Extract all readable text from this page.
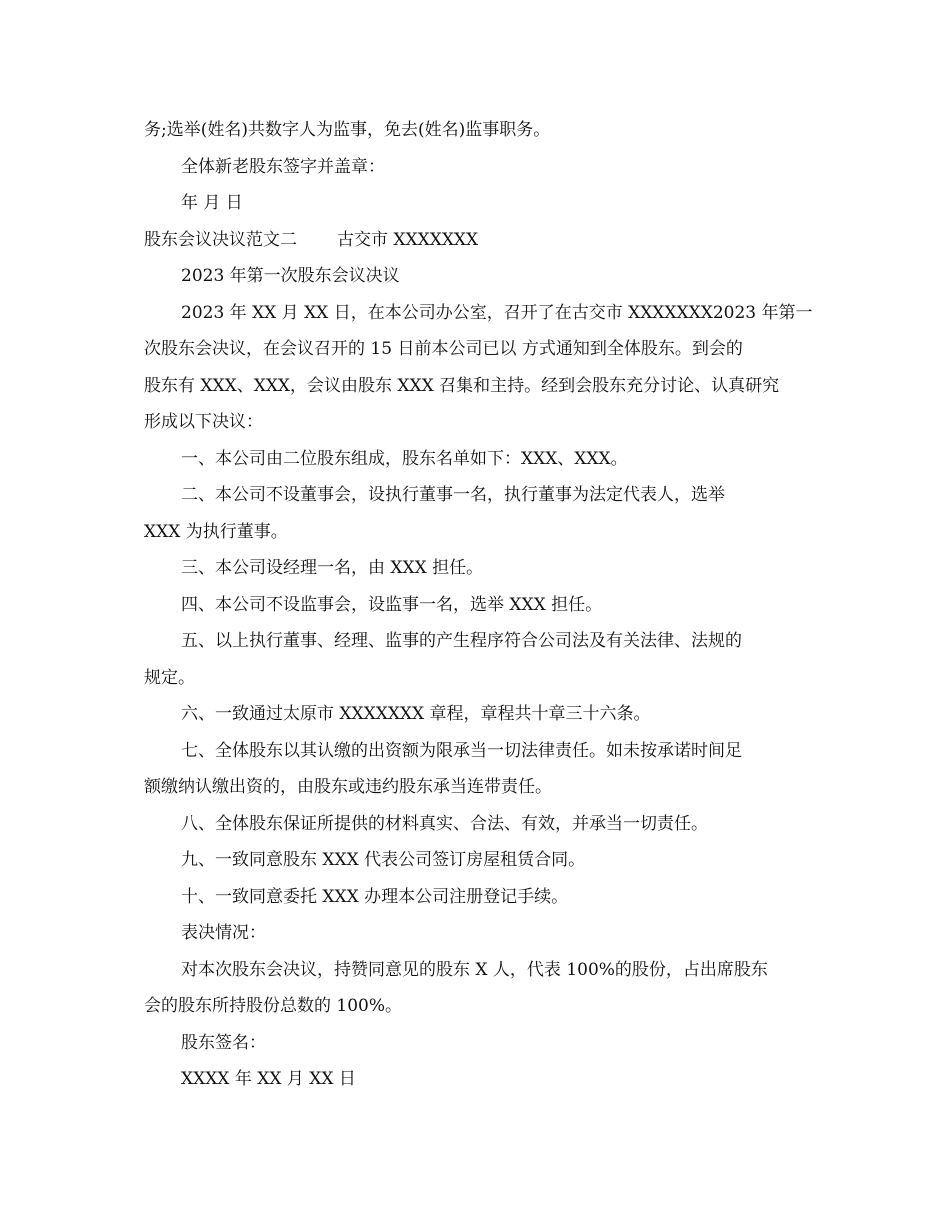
务;选举(姓名)共数字人为监事，免去(姓名)监事职务。
全体新老股东签字并盖章：
年 月 日
股东会议决议范文二 古交市 XXXXXXX
2023 年第一次股东会议决议
2023 年 XX 月 XX 日，在本公司办公室，召开了在古交市 XXXXXXX2023 年第一
次股东会决议，在会议召开的 15 日前本公司已以 方式通知到全体股东。到会的
股东有 XXX、XXX，会议由股东 XXX 召集和主持。经到会股东充分讨论、认真研究
形成以下决议：
一、本公司由二位股东组成，股东名单如下：XXX、XXX。
二、本公司不设董事会，设执行董事一名，执行董事为法定代表人，选举
XXX 为执行董事。
三、本公司设经理一名，由 XXX 担任。
四、本公司不设监事会，设监事一名，选举 XXX 担任。
五、以上执行董事、经理、监事的产生程序符合公司法及有关法律、法规的
规定。
六、一致通过太原市 XXXXXXX 章程，章程共十章三十六条。
七、全体股东以其认缴的出资额为限承当一切法律责任。如未按承诺时间足
额缴纳认缴出资的，由股东或违约股东承当连带责任。
八、全体股东保证所提供的材料真实、合法、有效，并承当一切责任。
九、一致同意股东 XXX 代表公司签订房屋租赁合同。
十、一致同意委托 XXX 办理本公司注册登记手续。
表决情况：
对本次股东会决议，持赞同意见的股东 X 人，代表 100%的股份，占出席股东
会的股东所持股份总数的 100%。
股东签名：
XXXX 年 XX 月 XX 日
